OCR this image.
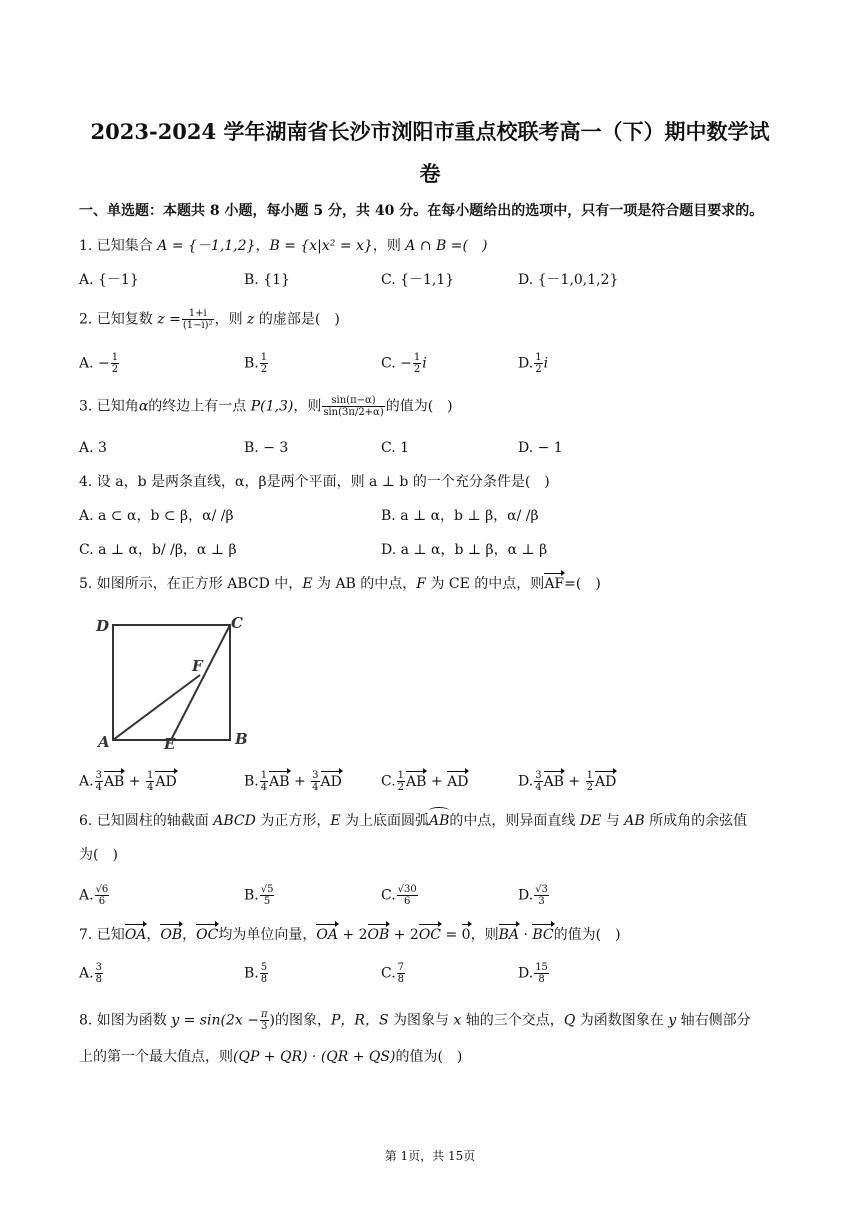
2023-2024 学年湖南省长沙市浏阳市重点校联考高一（下）期中数学试
卷
一、单选题：本题共 8 小题，每小题 5 分，共 40 分。在每小题给出的选项中，只有一项是符合题目要求的。
1. 已知集合 A = {－1,1,2}，B = {x|x² = x}，则 A ∩ B =(　)
A. {－1}	B. {1}	C. {－1,1}	D. {－1,0,1,2}
2. 已知复数 $z = \frac{1+i}{\text{(1−i)²}}$ ，则 z 的虚部是(　)
A. − $\frac{1}{2}$	B. $\frac{1}{2}$	C. − $\frac{1}{2}$ i	D. $\frac{1}{2}$ i
3. 已知角α的终边上有一点 P(1,3)，则 $\frac{\sin(\pi-\alpha)}{\sin(3\pi/2+\alpha)}$ 的值为(　)
A. 3	B. − 3	C. 1	D. − 1
4. 设 a，b 是两条直线，α，β是两个平面，则 a ⊥ b 的一个充分条件是(　)
A. a ⊂ α，b ⊂ β，α/ /β	B. a ⊥ α，b ⊥ β，α/ /β
C. a ⊥ α，b/ /β，α ⊥ β	D. a ⊥ α，b ⊥ β，α ⊥ β
5. 如图所示，在正方形 ABCD 中，E 为 AB 的中点，F 为 CE 的中点，则AF=(　)
D	C
F
A	E	B
A. $\frac{3}{4}$ AB + $\frac{1}{4}$ AD	B. $\frac{1}{4}$ AB + $\frac{3}{4}$ AD	C. $\frac{1}{2}$ AB + AD	D. $\frac{3}{4}$ AB + $\frac{1}{2}$ AD
6. 已知圆柱的轴截面 ABCD 为正方形，E 为上底面圆弧AB的中点，则异面直线 DE 与 AB 所成角的余弦值
为(　)
A. $\frac{√6}{6}$	B. $\frac{√5}{5}$	C. $\frac{√30}{6}$	D. $\frac{√3}{3}$
7. 已知OA，OB，OC均为单位向量，OA + 2OB + 2OC = 0，则BA · BC的值为(　)
A. $\frac{3}{8}$	B. $\frac{5}{8}$	C. $\frac{7}{8}$	D. $\frac{15}{8}$
8. 如图为函数 $y = \sin(2x - \frac{\pi}{3}$ )的图象，P，R，S 为图象与 x 轴的三个交点，Q 为函数图象在 y 轴右侧部分
上的第一个最大值点，则(QP + QR) · (QR + QS)的值为(　)
第 1页，共 15页
